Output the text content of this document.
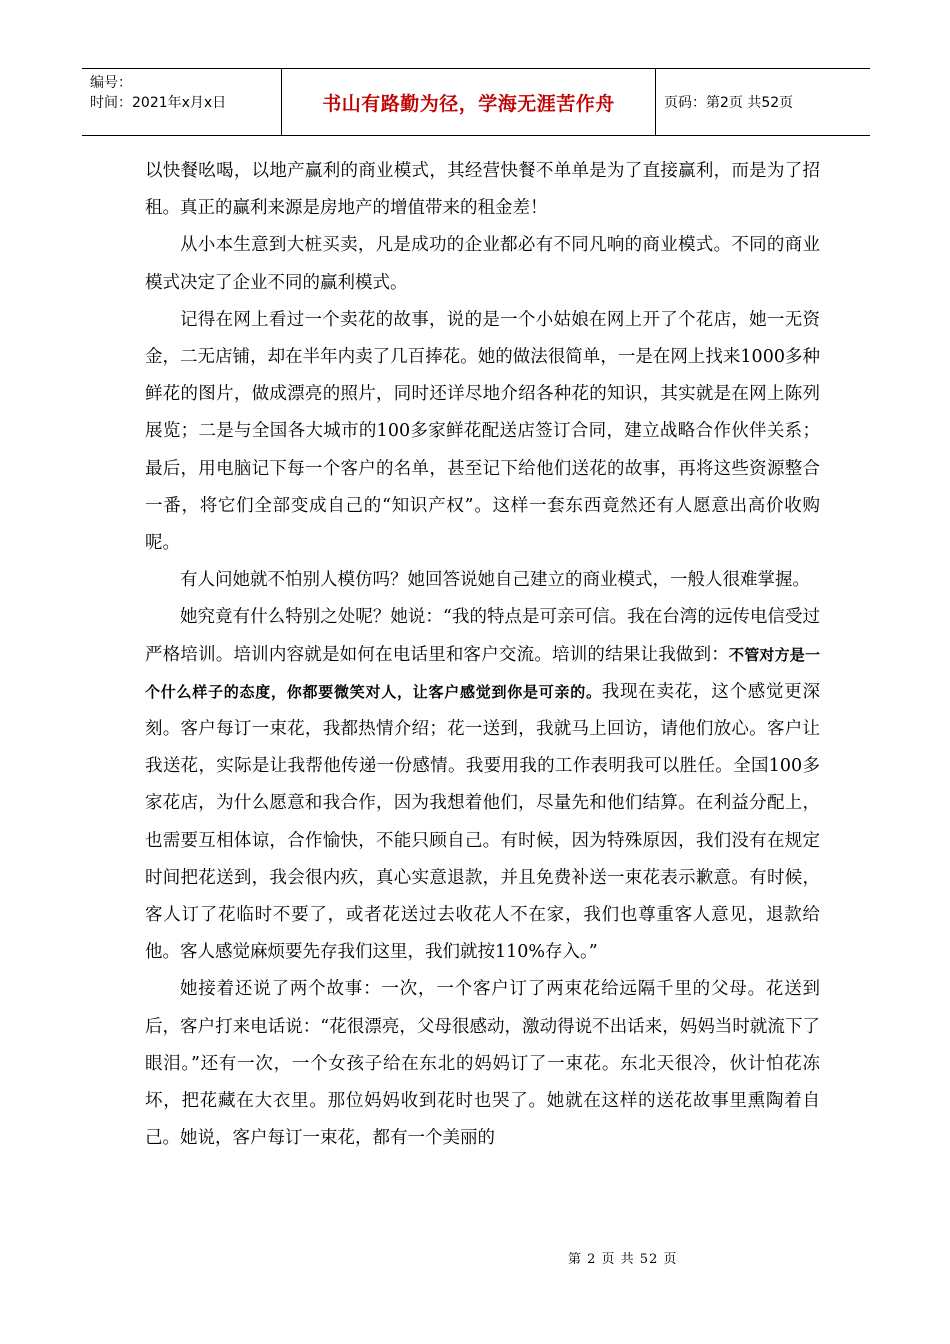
编号：
时间：2021年x月x日	书山有路勤为径，学海无涯苦作舟	页码：第2页 共52页

以快餐吆喝，以地产赢利的商业模式，其经营快餐不单单是为了直接赢利，而是为了招租。真正的赢利来源是房地产的增值带来的租金差！

从小本生意到大桩买卖，凡是成功的企业都必有不同凡响的商业模式。不同的商业模式决定了企业不同的赢利模式。

记得在网上看过一个卖花的故事，说的是一个小姑娘在网上开了个花店，她一无资金，二无店铺，却在半年内卖了几百捧花。她的做法很简单，一是在网上找来1000多种鲜花的图片，做成漂亮的照片，同时还详尽地介绍各种花的知识，其实就是在网上陈列展览；二是与全国各大城市的100多家鲜花配送店签订合同，建立战略合作伙伴关系；最后，用电脑记下每一个客户的名单，甚至记下给他们送花的故事，再将这些资源整合一番，将它们全部变成自己的“知识产权”。这样一套东西竟然还有人愿意出高价收购呢。

有人问她就不怕别人模仿吗？她回答说她自己建立的商业模式，一般人很难掌握。

她究竟有什么特别之处呢？她说：“我的特点是可亲可信。我在台湾的远传电信受过严格培训。培训内容就是如何在电话里和客户交流。培训的结果让我做到：不管对方是一个什么样子的态度，你都要微笑对人，让客户感觉到你是可亲的。我现在卖花，这个感觉更深刻。客户每订一束花，我都热情介绍；花一送到，我就马上回访，请他们放心。客户让我送花，实际是让我帮他传递一份感情。我要用我的工作表明我可以胜任。全国100多家花店，为什么愿意和我合作，因为我想着他们，尽量先和他们结算。在利益分配上，也需要互相体谅，合作愉快，不能只顾自己。有时候，因为特殊原因，我们没有在规定时间把花送到，我会很内疚，真心实意退款，并且免费补送一束花表示歉意。有时候，客人订了花临时不要了，或者花送过去收花人不在家，我们也尊重客人意见，退款给他。客人感觉麻烦要先存我们这里，我们就按110%存入。”

她接着还说了两个故事：一次，一个客户订了两束花给远隔千里的父母。花送到后，客户打来电话说：“花很漂亮，父母很感动，激动得说不出话来，妈妈当时就流下了眼泪。”还有一次，一个女孩子给在东北的妈妈订了一束花。东北天很冷，伙计怕花冻坏，把花藏在大衣里。那位妈妈收到花时也哭了。她就在这样的送花故事里熏陶着自己。她说，客户每订一束花，都有一个美丽的

第 2 页 共 52 页
